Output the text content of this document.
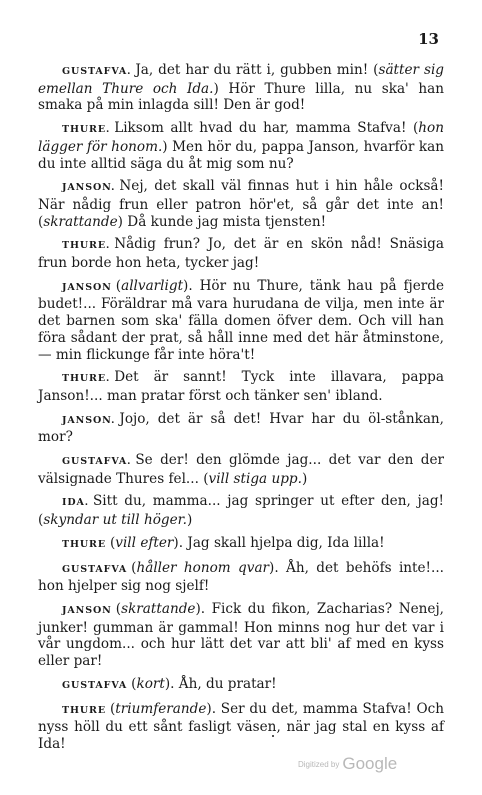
13

GUSTAFVA. Ja, det har du rätt i, gubben min! (sätter sig emellan Thure och Ida.) Hör Thure lilla, nu ska' han smaka på min inlagda sill! Den är god!

THURE. Liksom allt hvad du har, mamma Stafva! (hon lägger för honom.) Men hör du, pappa Janson, hvarför kan du inte alltid säga du åt mig som nu?

JANSON. Nej, det skall väl finnas hut i hin håle också! När nådig frun eller patron hör'et, så går det inte an! (skrattande) Då kunde jag mista tjensten!

THURE. Nådig frun? Jo, det är en skön nåd! Snäsiga frun borde hon heta, tycker jag!

JANSON (allvarligt). Hör nu Thure, tänk hau på fjerde budet!... Föräldrar må vara hurudana de vilja, men inte är det barnen som ska' fälla domen öfver dem. Och vill han föra sådant der prat, så håll inne med det här åtminstone, — min flickunge får inte höra't!

THURE. Det är sannt! Tyck inte illavara, pappa Janson!... man pratar först och tänker sen' ibland.

JANSON. Jojo, det är så det! Hvar har du öl-stånkan, mor?

GUSTAFVA. Se der! den glömde jag... det var den der välsignade Thures fel... (vill stiga upp.)

IDA. Sitt du, mamma... jag springer ut efter den, jag! (skyndar ut till höger.)

THURE (vill efter). Jag skall hjelpa dig, Ida lilla!

GUSTAFVA (håller honom qvar). Åh, det behöfs inte!... hon hjelper sig nog sjelf!

JANSON (skrattande). Fick du fikon, Zacharias? Nenej, junker! gumman är gammal! Hon minns nog hur det var i vår ungdom... och hur lätt det var att bli' af med en kyss eller par!

GUSTAFVA (kort). Åh, du pratar!

THURE (triumferande). Ser du det, mamma Stafva! Och nyss höll du ett sånt fasligt väsen, när jag stal en kyss af Ida!

Digitized by Google
